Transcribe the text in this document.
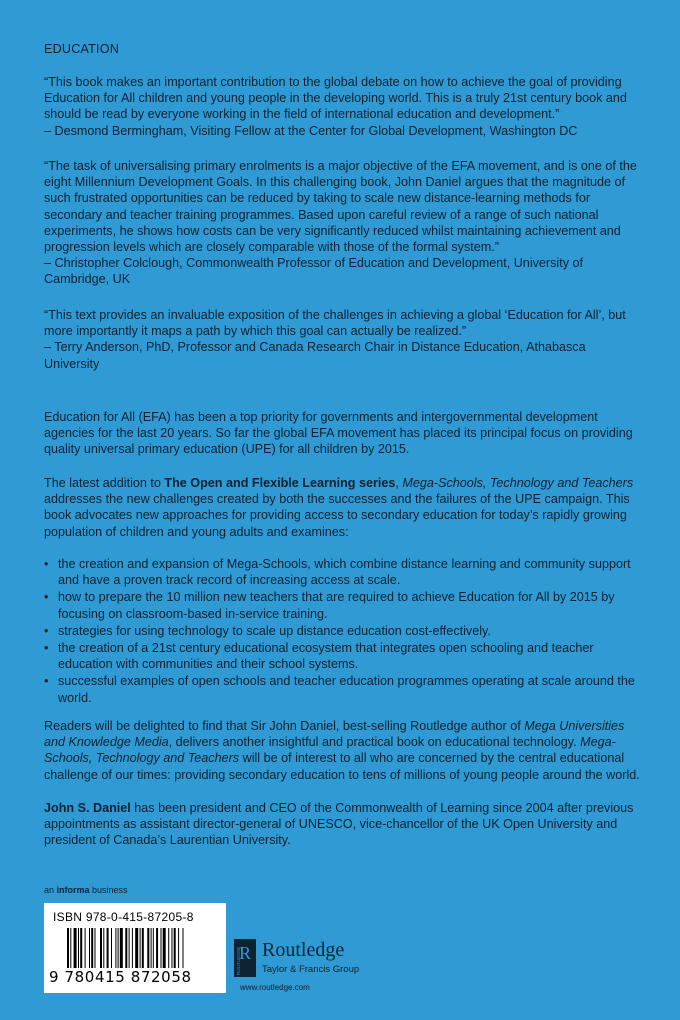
EDUCATION

“This book makes an important contribution to the global debate on how to achieve the goal of providing Education for All children and young people in the developing world. This is a truly 21st century book and should be read by everyone working in the field of international education and development.”

– Desmond Bermingham, Visiting Fellow at the Center for Global Development, Washington DC

“The task of universalising primary enrolments is a major objective of the EFA movement, and is one of the eight Millennium Development Goals. In this challenging book, John Daniel argues that the magnitude of such frustrated opportunities can be reduced by taking to scale new distance-learning methods for secondary and teacher training programmes. Based upon careful review of a range of such national experiments, he shows how costs can be very significantly reduced whilst maintaining achievement and progression levels which are closely comparable with those of the formal system.”

– Christopher Colclough, Commonwealth Professor of Education and Development, University of Cambridge, UK

“This text provides an invaluable exposition of the challenges in achieving a global ‘Education for All’, but more importantly it maps a path by which this goal can actually be realized.”

– Terry Anderson, PhD, Professor and Canada Research Chair in Distance Education, Athabasca University

Education for All (EFA) has been a top priority for governments and intergovernmental development agencies for the last 20 years. So far the global EFA movement has placed its principal focus on providing quality universal primary education (UPE) for all children by 2015.

The latest addition to The Open and Flexible Learning series, Mega-Schools, Technology and Teachers addresses the new challenges created by both the successes and the failures of the UPE campaign. This book advocates new approaches for providing access to secondary education for today’s rapidly growing population of children and young adults and examines:

• the creation and expansion of Mega-Schools, which combine distance learning and community support and have a proven track record of increasing access at scale.
• how to prepare the 10 million new teachers that are required to achieve Education for All by 2015 by focusing on classroom-based in-service training.
• strategies for using technology to scale up distance education cost-effectively.
• the creation of a 21st century educational ecosystem that integrates open schooling and teacher education with communities and their school systems.
• successful examples of open schools and teacher education programmes operating at scale around the world.

Readers will be delighted to find that Sir John Daniel, best-selling Routledge author of Mega Universities and Knowledge Media, delivers another insightful and practical book on educational technology. Mega-Schools, Technology and Teachers will be of interest to all who are concerned by the central educational challenge of our times: providing secondary education to tens of millions of young people around the world.

John S. Daniel has been president and CEO of the Commonwealth of Learning since 2004 after previous appointments as assistant director-general of UNESCO, vice-chancellor of the UK Open University and president of Canada’s Laurentian University.

an informa business
ISBN 978-0-415-87205-8
9 780415 872058
R
ROUTLEDGE Routledge
Taylor & Francis Group
www.routledge.com
